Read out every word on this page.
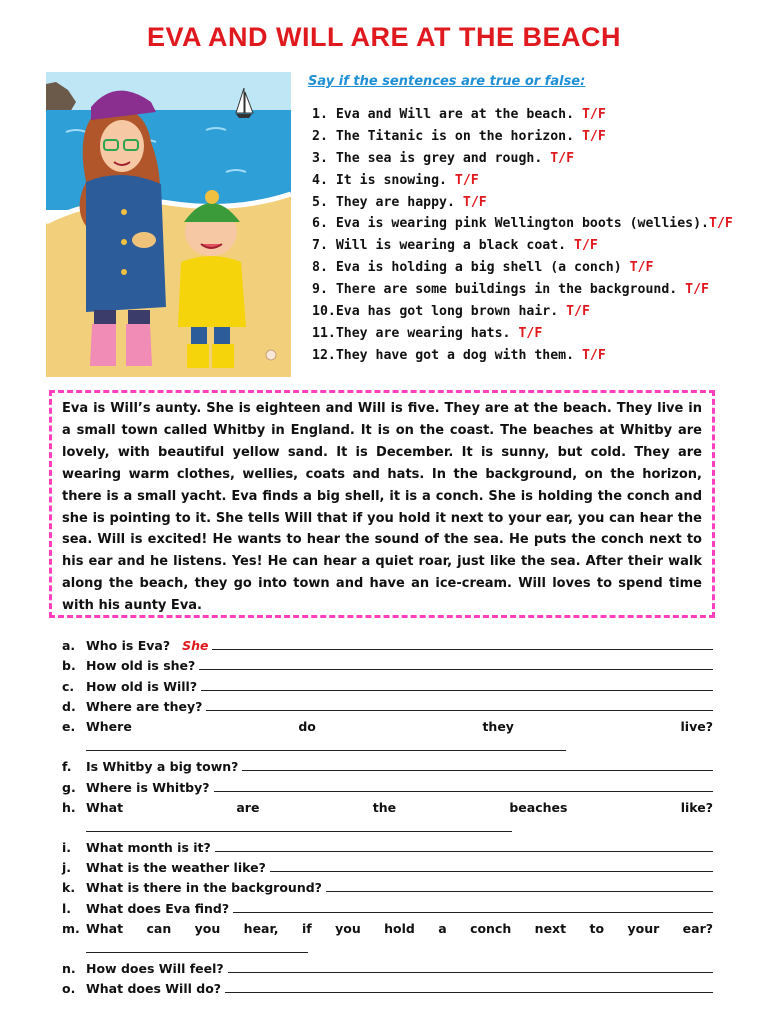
EVA AND WILL ARE AT THE BEACH
Say if the sentences are true or false:
1. Eva and Will are at the beach. T/F
2. The Titanic is on the horizon. T/F
3. The sea is grey and rough. T/F
4. It is snowing. T/F
5. They are happy. T/F
6. Eva is wearing pink Wellington boots (wellies).T/F
7. Will is wearing a black coat. T/F
8. Eva is holding a big shell (a conch) T/F
9. There are some buildings in the background. T/F
10.Eva has got long brown hair. T/F
11.They are wearing hats. T/F
12.They have got a dog with them. T/F
Eva is Will’s aunty. She is eighteen and Will is five. They are at the beach. They live in a small town called Whitby in England. It is on the coast. The beaches at Whitby are lovely, with beautiful yellow sand. It is December. It is sunny, but cold. They are wearing warm clothes, wellies, coats and hats. In the background, on the horizon, there is a small yacht. Eva finds a big shell, it is a conch. She is holding the conch and she is pointing to it. She tells Will that if you hold it next to your ear, you can hear the sea. Will is excited! He wants to hear the sound of the sea. He puts the conch next to his ear and he listens. Yes! He can hear a quiet roar, just like the sea. After their walk along the beach, they go into town and have an ice-cream. Will loves to spend time with his aunty Eva.
a. Who is Eva? She
b. How old is she?
c. How old is Will?
d. Where are they?
e. Where	do	they	live?
f.	Is Whitby a big town?
g. Where is Whitby?
h. What	are	the	beaches	like?
i.	What month is it?
j.	What is the weather like?
k. What is there in the background?
l.	What does Eva find?
m. What can you hear, if you hold a conch next to your ear?
n. How does Will feel?
o. What does Will do?
